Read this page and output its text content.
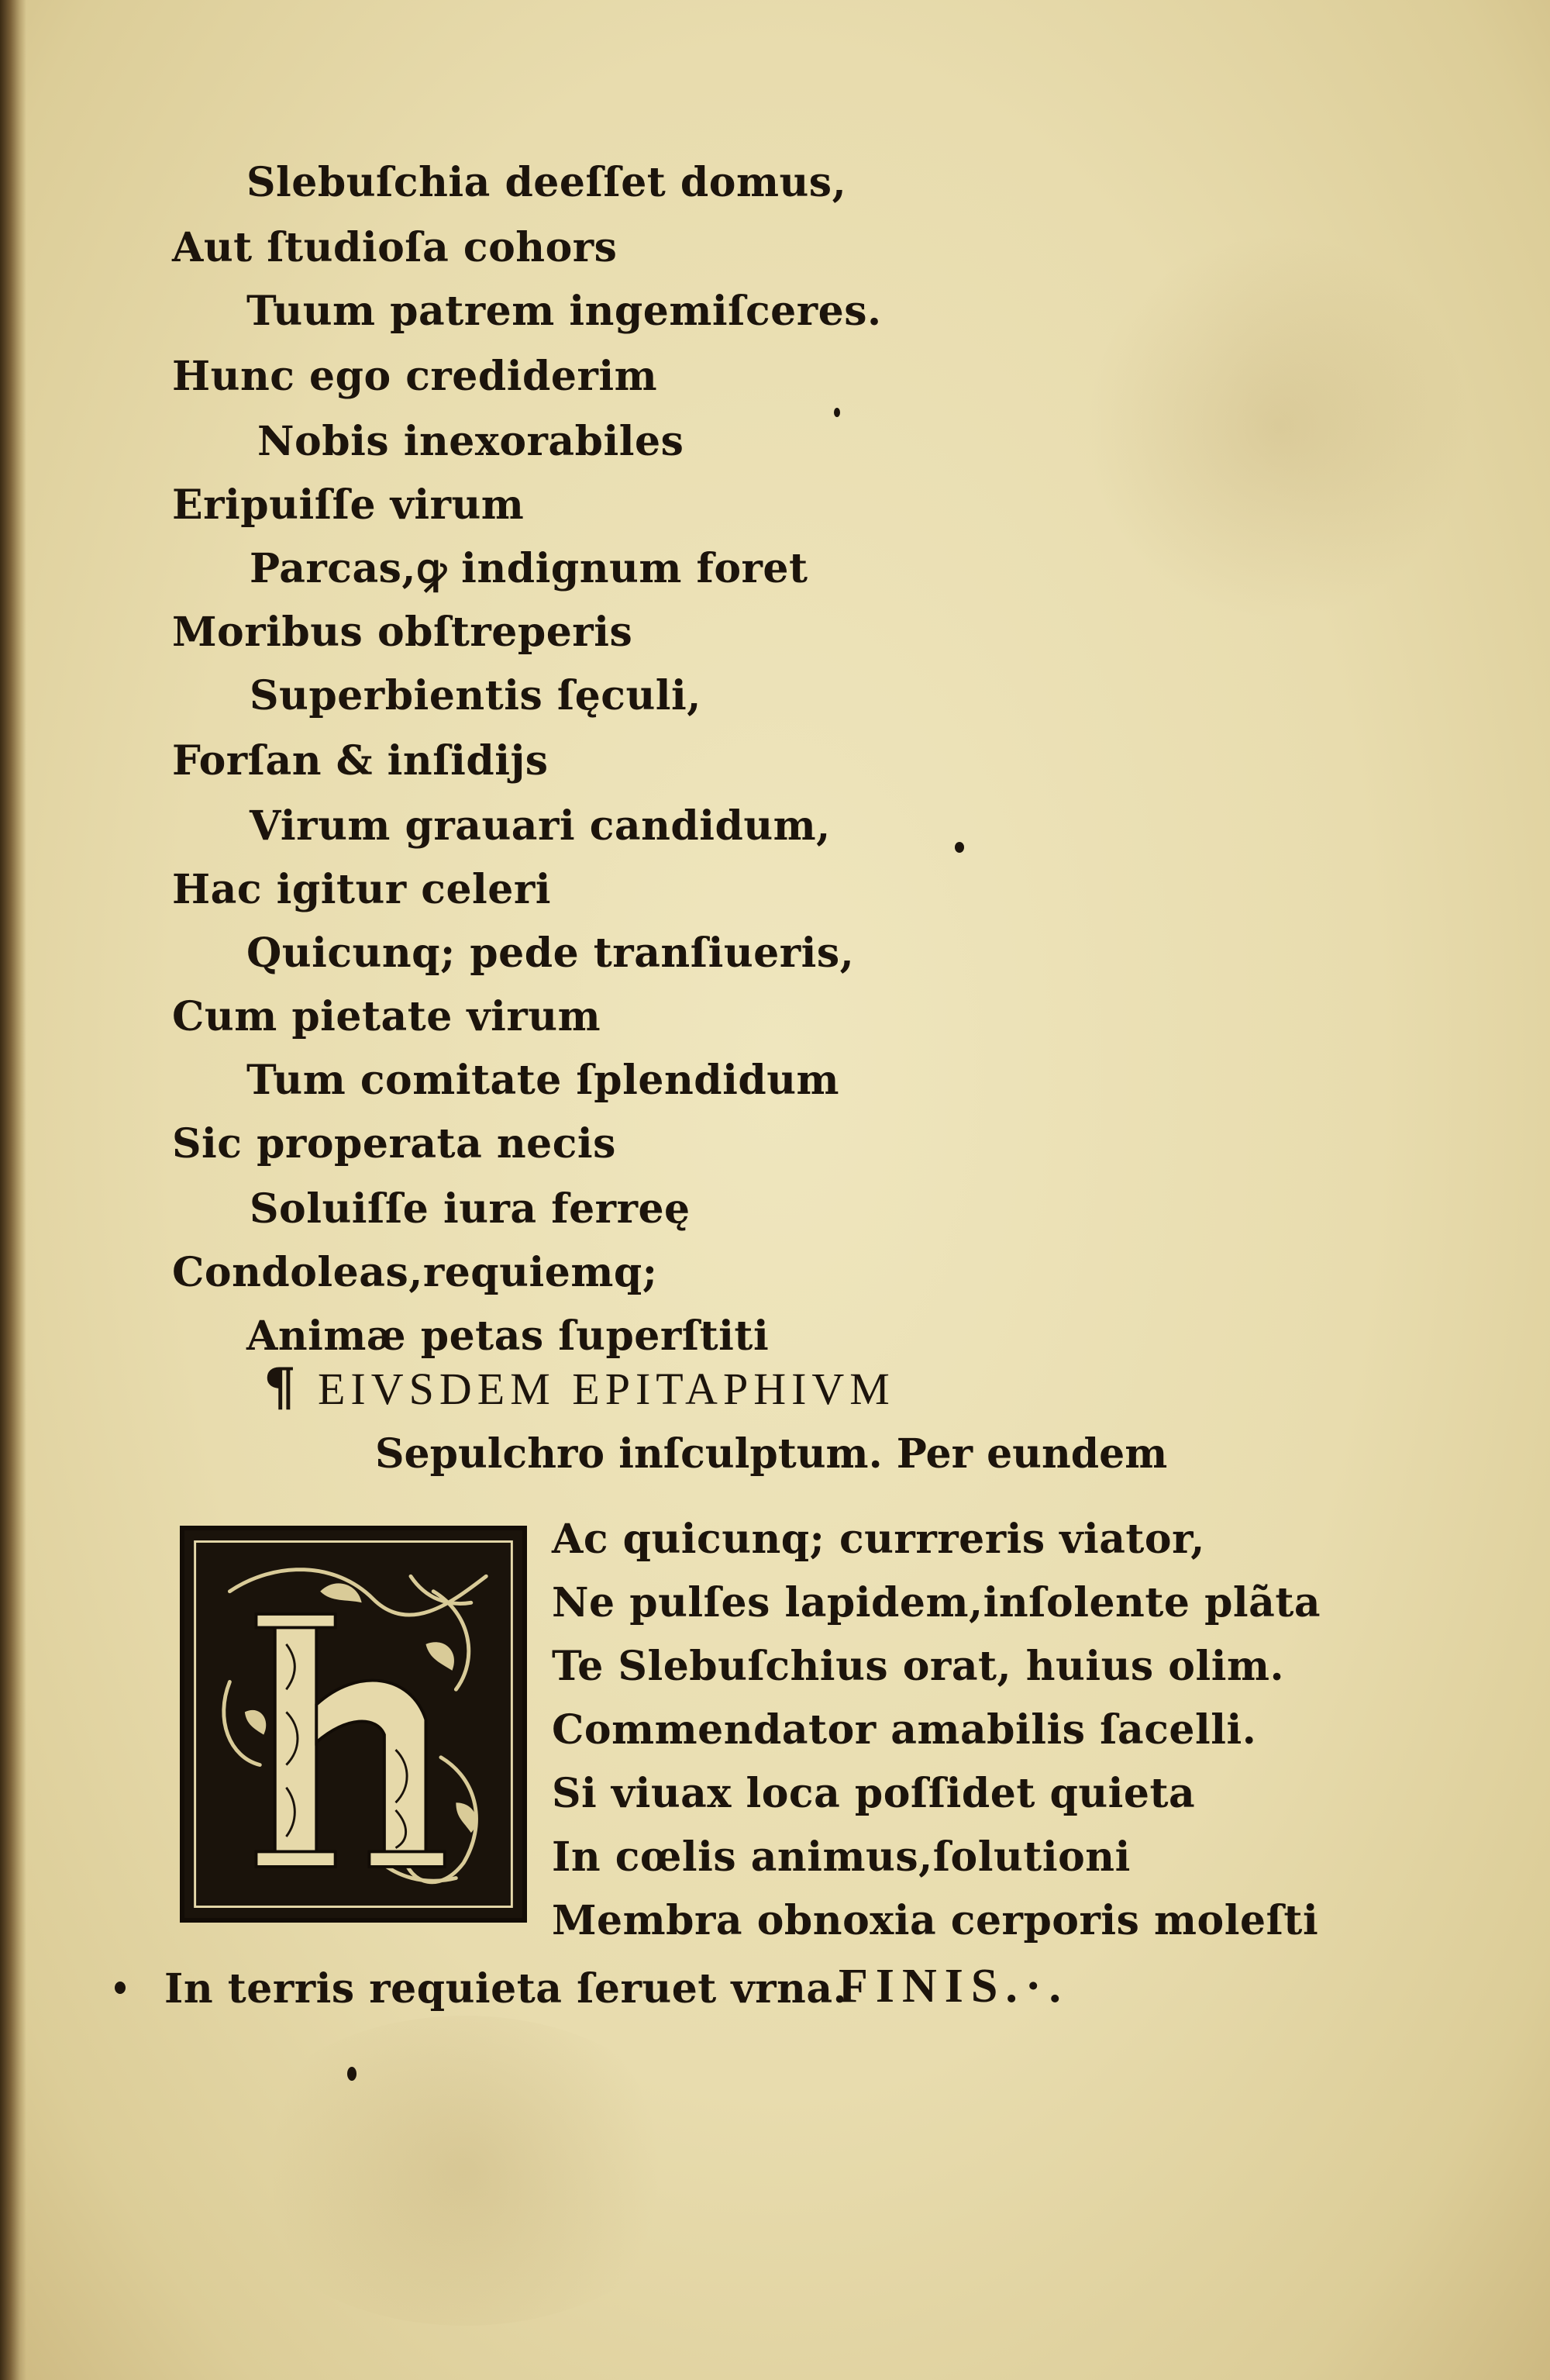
Slebuſchia deeſſet domus,
Aut ſtudioſa cohors
Tuum patrem ingemiſceres.
Hunc ego crediderim
Nobis inexorabiles
Eripuiſſe virum
Parcas,ꝙ indignum foret
Moribus obſtreperis
Superbientis ſęculi,
Forſan & inſidijs
Virum grauari candidum,
Hac igitur celeri
Quicunq; pede tranſiueris,
Cum pietate virum
Tum comitate ſplendidum
Sic properata necis
Soluiſſe iura ferreę
Condoleas,requiemq;
Animæ petas ſuperſtiti
¶ EIVSDEM EPITAPHIVM
Sepulchro inſculptum. Per eundem
Ac quicunq; currreris viator,
Ne pulſes lapidem,inſolente plãta
Te Slebuſchius orat, huius olim.
Commendator amabilis ſacelli.
Si viuax loca poſſidet quieta
In cœlis animus,ſolutioni
Membra obnoxia cerporis moleſti
In terris requieta ſeruet vrna.
FINIS.·.
